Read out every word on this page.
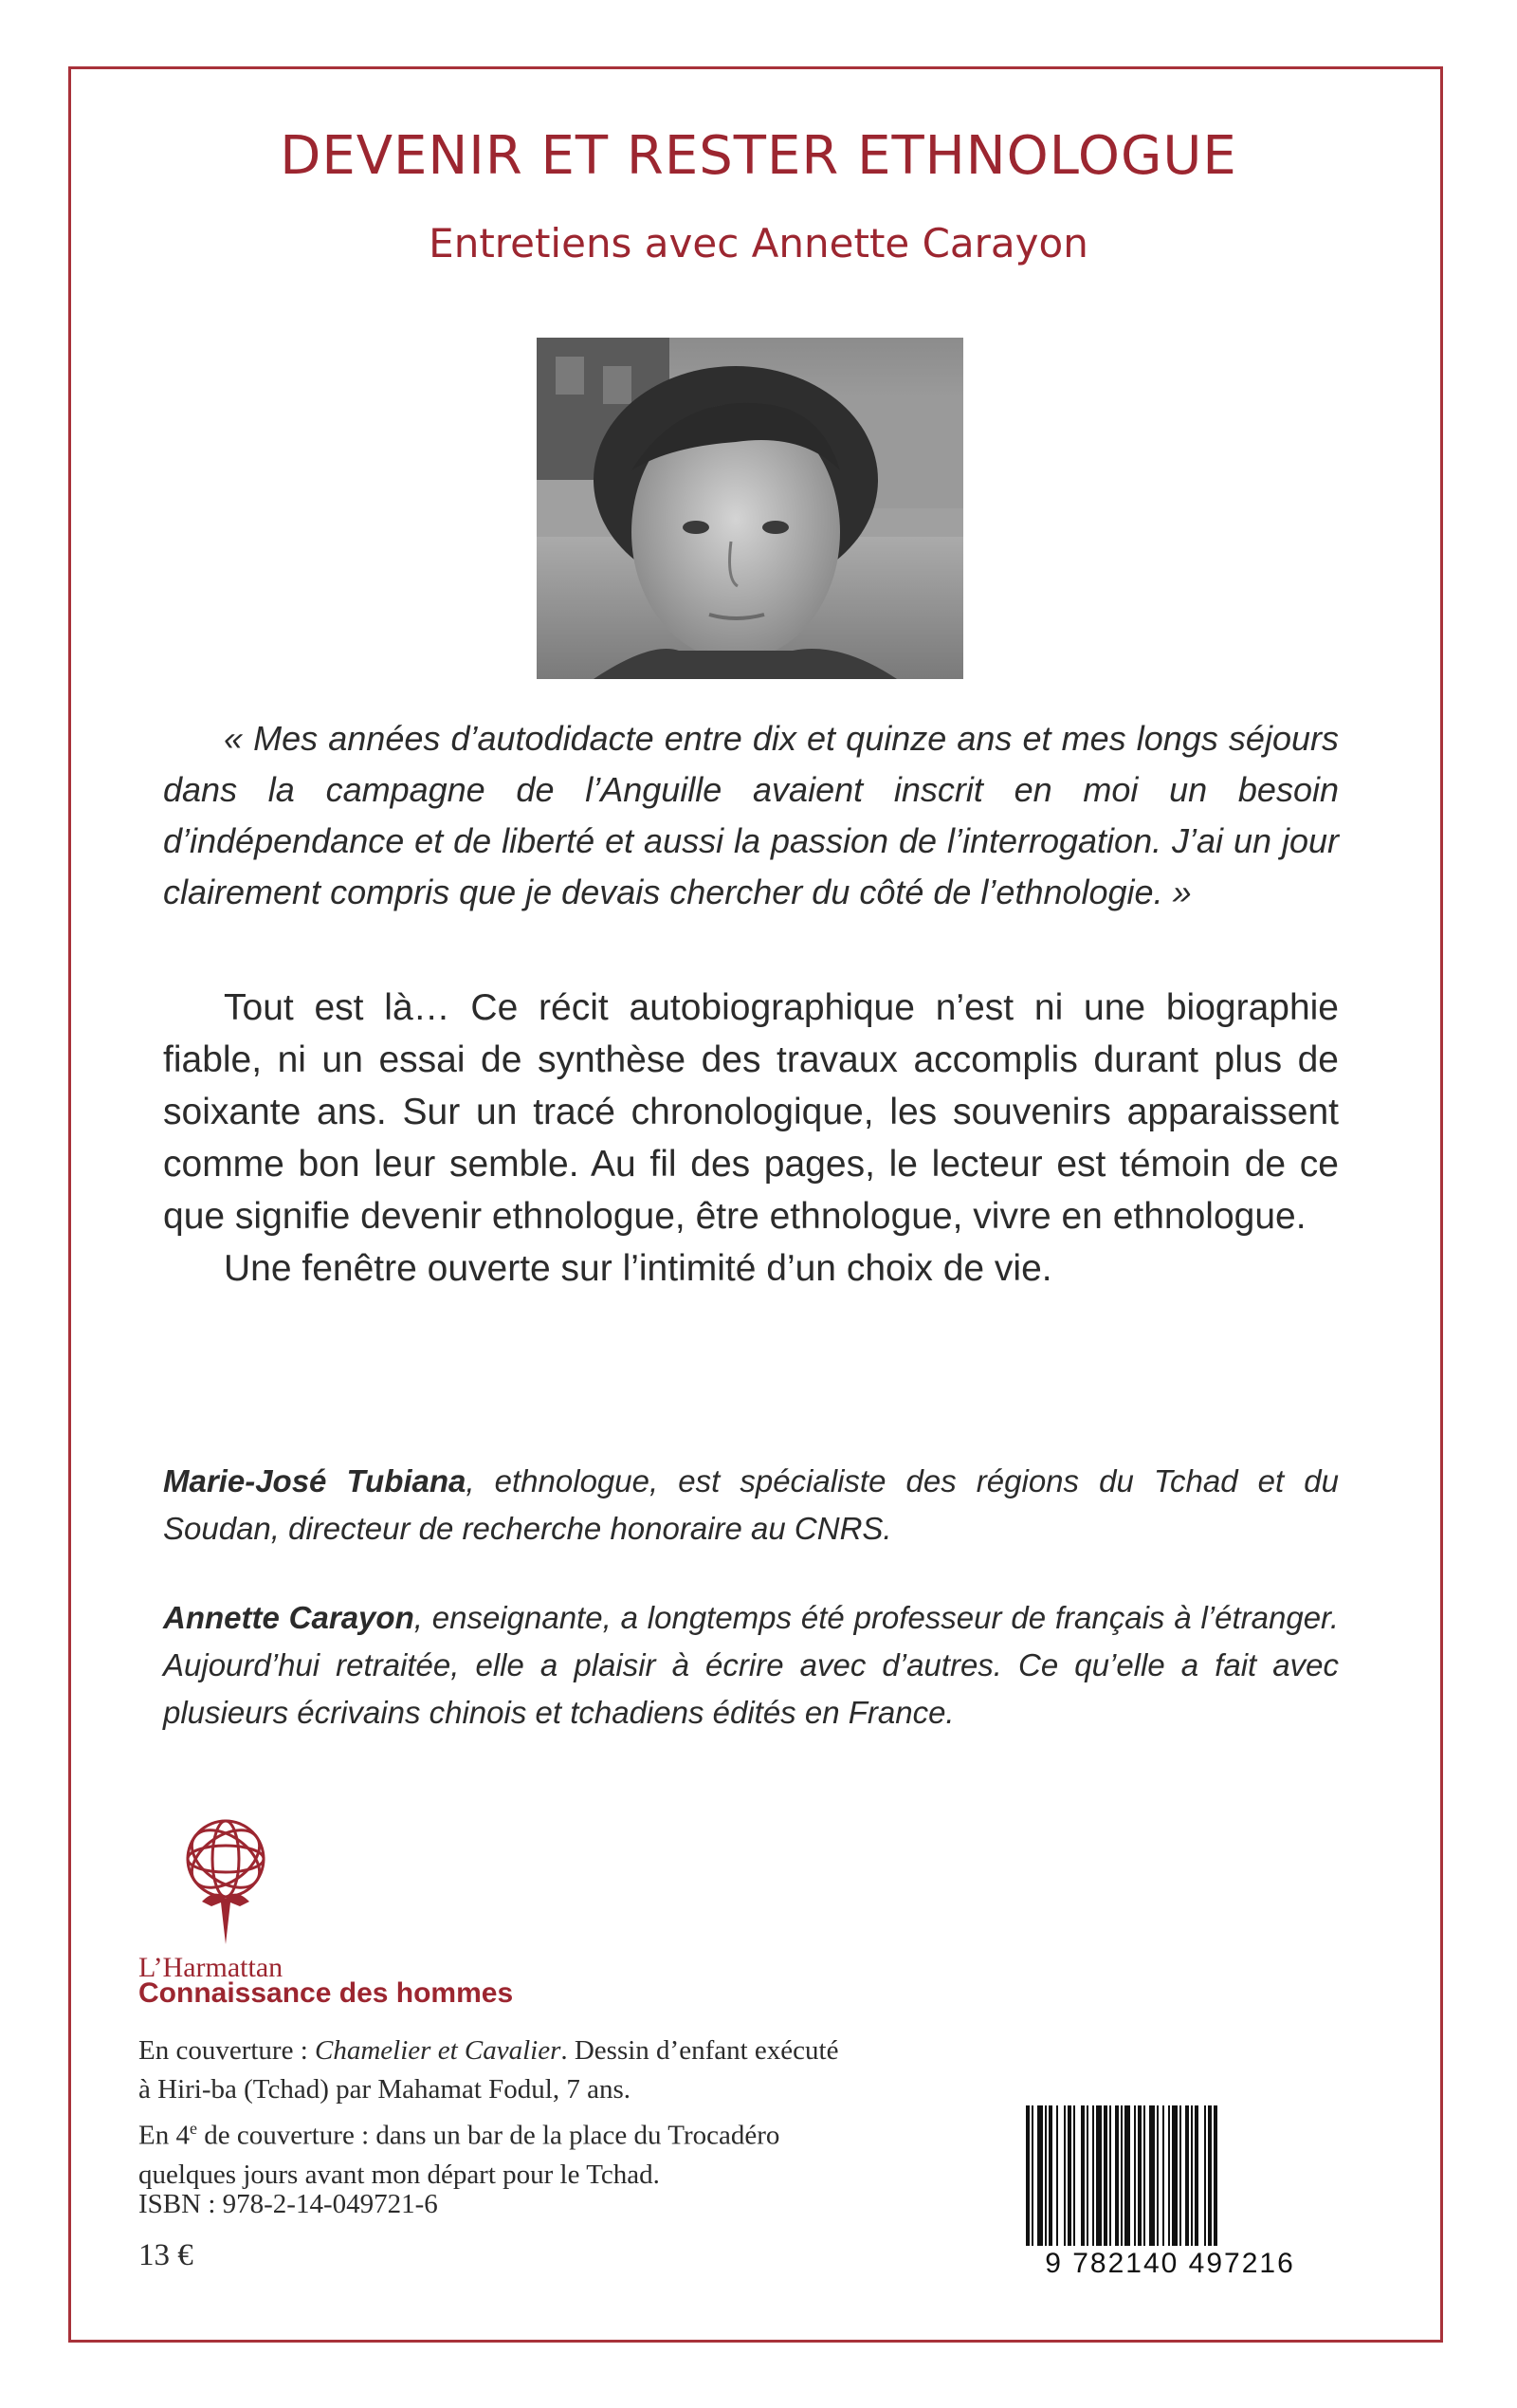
DEVENIR ET RESTER ETHNOLOGUE
Entretiens avec Annette Carayon

« Mes années d’autodidacte entre dix et quinze ans et mes longs séjours dans la campagne de l’Anguille avaient inscrit en moi un besoin d’indépendance et de liberté et aussi la passion de l’interrogation. J’ai un jour clairement compris que je devais chercher du côté de l’ethnologie. »

Tout est là… Ce récit autobiographique n’est ni une biographie fiable, ni un essai de synthèse des travaux accomplis durant plus de soixante ans. Sur un tracé chronologique, les souvenirs apparaissent comme bon leur semble. Au fil des pages, le lecteur est témoin de ce que signifie devenir ethnologue, être ethnologue, vivre en ethnologue.

Une fenêtre ouverte sur l’intimité d’un choix de vie.

Marie-José Tubiana, ethnologue, est spécialiste des régions du Tchad et du Soudan, directeur de recherche honoraire au CNRS.

Annette Carayon, enseignante, a longtemps été professeur de français à l’étranger. Aujourd’hui retraitée, elle a plaisir à écrire avec d’autres. Ce qu’elle a fait avec plusieurs écrivains chinois et tchadiens édités en France.

L’Harmattan
Connaissance des hommes
En couverture : Chamelier et Cavalier. Dessin d’enfant exécuté
à Hiri-ba (Tchad) par Mahamat Fodul, 7 ans.
En 4e de couverture : dans un bar de la place du Trocadéro
quelques jours avant mon départ pour le Tchad.
ISBN : 978-2-14-049721-6
13 €	9 782140 497216
